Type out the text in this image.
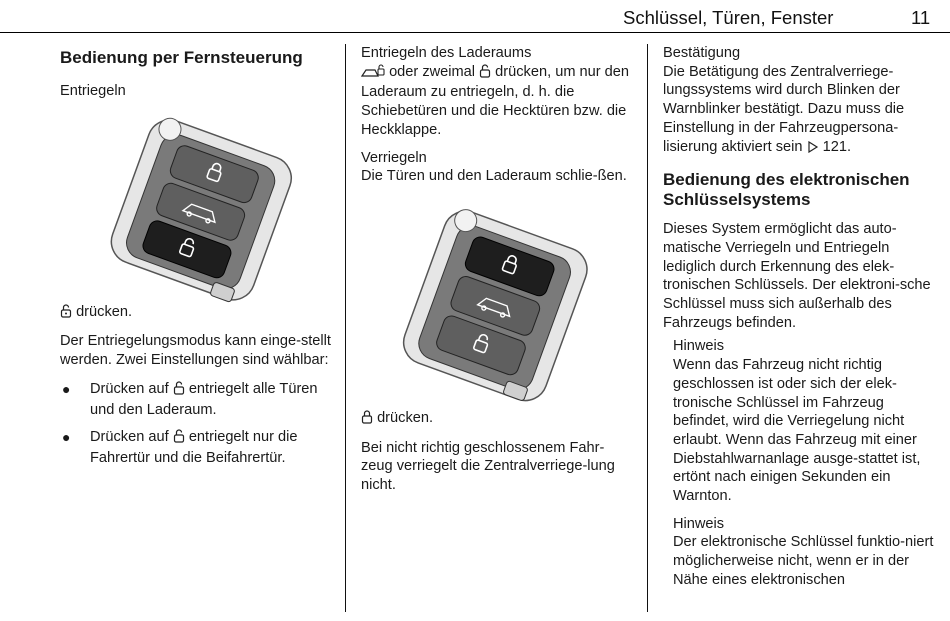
Schlüssel, Türen, Fenster	11

Bedienung per Fernsteuerung

Entriegeln

drücken.

Der Entriegelungsmodus kann einge-stellt werden. Zwei Einstellungen sind wählbar:

● Drücken auf entriegelt alle Türen und den Laderaum.
● Drücken auf entriegelt nur die Fahrertür und die Beifahrertür.

Entriegeln des Laderaums

oder zweimal drücken, um nur den Laderaum zu entriegeln, d. h. die Schiebetüren und die Hecktüren bzw. die Heckklappe.

Verriegeln

Die Türen und den Laderaum schlie-ßen.

drücken.

Bei nicht richtig geschlossenem Fahr-zeug verriegelt die Zentralverriege-lung nicht.

Bestätigung

Die Betätigung des Zentralverriege-lungssystems wird durch Blinken der Warnblinker bestätigt. Dazu muss die Einstellung in der Fahrzeugpersona-lisierung aktiviert sein 121.

Bedienung des elektronischen Schlüsselsystems

Dieses System ermöglicht das auto-matische Verriegeln und Entriegeln lediglich durch Erkennung des elek-tronischen Schlüssels. Der elektroni-sche Schlüssel muss sich außerhalb des Fahrzeugs befinden.

Hinweis

Wenn das Fahrzeug nicht richtig geschlossen ist oder sich der elek-tronische Schlüssel im Fahrzeug befindet, wird die Verriegelung nicht erlaubt. Wenn das Fahrzeug mit einer Diebstahlwarnanlage ausge-stattet ist, ertönt nach einigen Sekunden ein Warnton.

Hinweis

Der elektronische Schlüssel funktio-niert möglicherweise nicht, wenn er in der Nähe eines elektronischen
